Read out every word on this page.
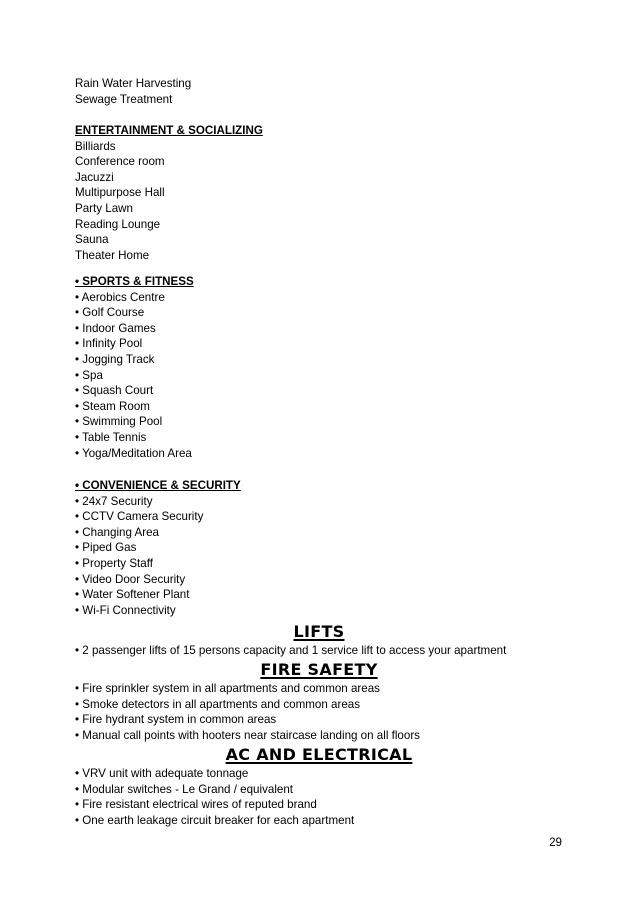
Rain Water Harvesting
Sewage Treatment
ENTERTAINMENT & SOCIALIZING
Billiards
Conference room
Jacuzzi
Multipurpose Hall
Party Lawn
Reading Lounge
Sauna
Theater Home
• SPORTS & FITNESS
• Aerobics Centre
• Golf Course
• Indoor Games
• Infinity Pool
• Jogging Track
• Spa
• Squash Court
• Steam Room
• Swimming Pool
• Table Tennis
• Yoga/Meditation Area
• CONVENIENCE & SECURITY
• 24x7 Security
• CCTV Camera Security
• Changing Area
• Piped Gas
• Property Staff
• Video Door Security
• Water Softener Plant
• Wi-Fi Connectivity
LIFTS
• 2 passenger lifts of 15 persons capacity and 1 service lift to access your apartment
FIRE SAFETY
• Fire sprinkler system in all apartments and common areas
• Smoke detectors in all apartments and common areas
• Fire hydrant system in common areas
• Manual call points with hooters near staircase landing on all floors
AC AND ELECTRICAL
• VRV unit with adequate tonnage
• Modular switches - Le Grand / equivalent
• Fire resistant electrical wires of reputed brand
• One earth leakage circuit breaker for each apartment
29
